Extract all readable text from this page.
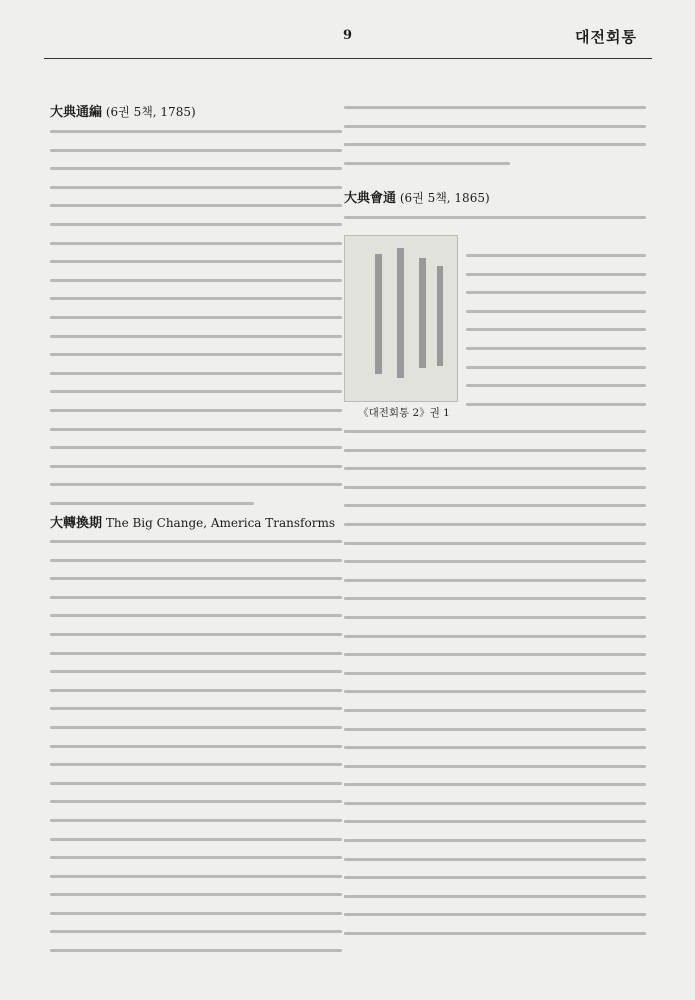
9	대전회통
大典通編 (6권 5책, 1785)
大轉換期 The Big Change, America Transforms
大典會通 (6권 5책, 1865)
《대전회통 2》권 1
